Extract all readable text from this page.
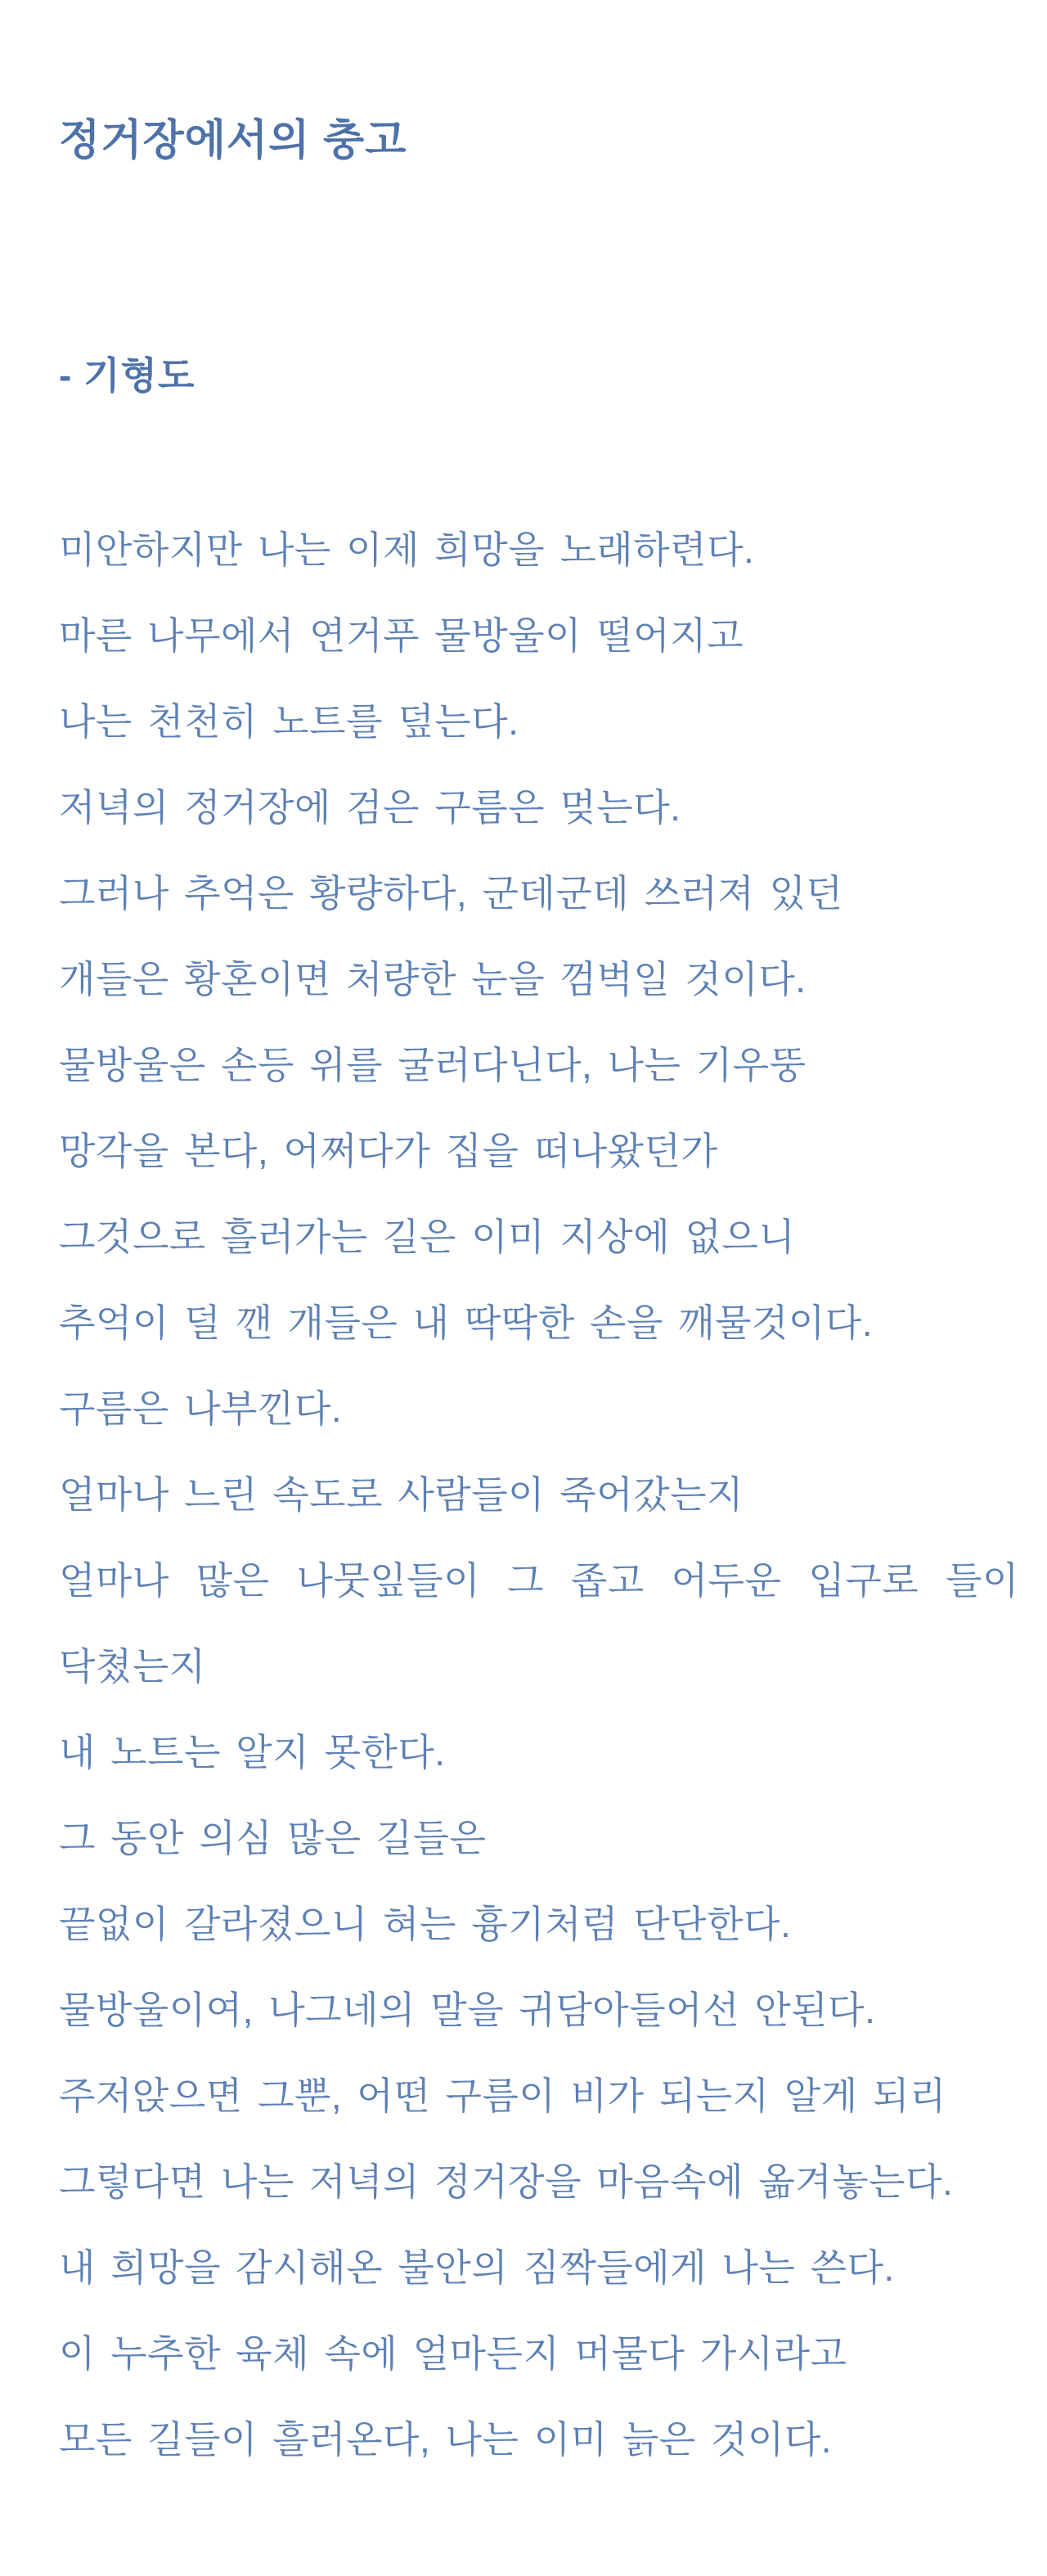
정거장에서의 충고

- 기형도

미안하지만 나는 이제 희망을 노래하련다.
마른 나무에서 연거푸 물방울이 떨어지고
나는 천천히 노트를 덮는다.
저녁의 정거장에 검은 구름은 멎는다.
그러나 추억은 황량하다, 군데군데 쓰러져 있던
개들은 황혼이면 처량한 눈을 껌벅일 것이다.
물방울은 손등 위를 굴러다닌다, 나는 기우뚱
망각을 본다, 어쩌다가 집을 떠나왔던가
그것으로 흘러가는 길은 이미 지상에 없으니
추억이 덜 깬 개들은 내 딱딱한 손을 깨물것이다.
구름은 나부낀다.
얼마나 느린 속도로 사람들이 죽어갔는지
얼마나 많은 나뭇잎들이 그 좁고 어두운 입구로 들이
닥쳤는지
내 노트는 알지 못한다.
그 동안 의심 많은 길들은
끝없이 갈라졌으니 혀는 흉기처럼 단단한다.
물방울이여, 나그네의 말을 귀담아들어선 안된다.
주저앉으면 그뿐, 어떤 구름이 비가 되는지 알게 되리
그렇다면 나는 저녁의 정거장을 마음속에 옮겨놓는다.
내 희망을 감시해온 불안의 짐짝들에게 나는 쓴다.
이 누추한 육체 속에 얼마든지 머물다 가시라고
모든 길들이 흘러온다, 나는 이미 늙은 것이다.
